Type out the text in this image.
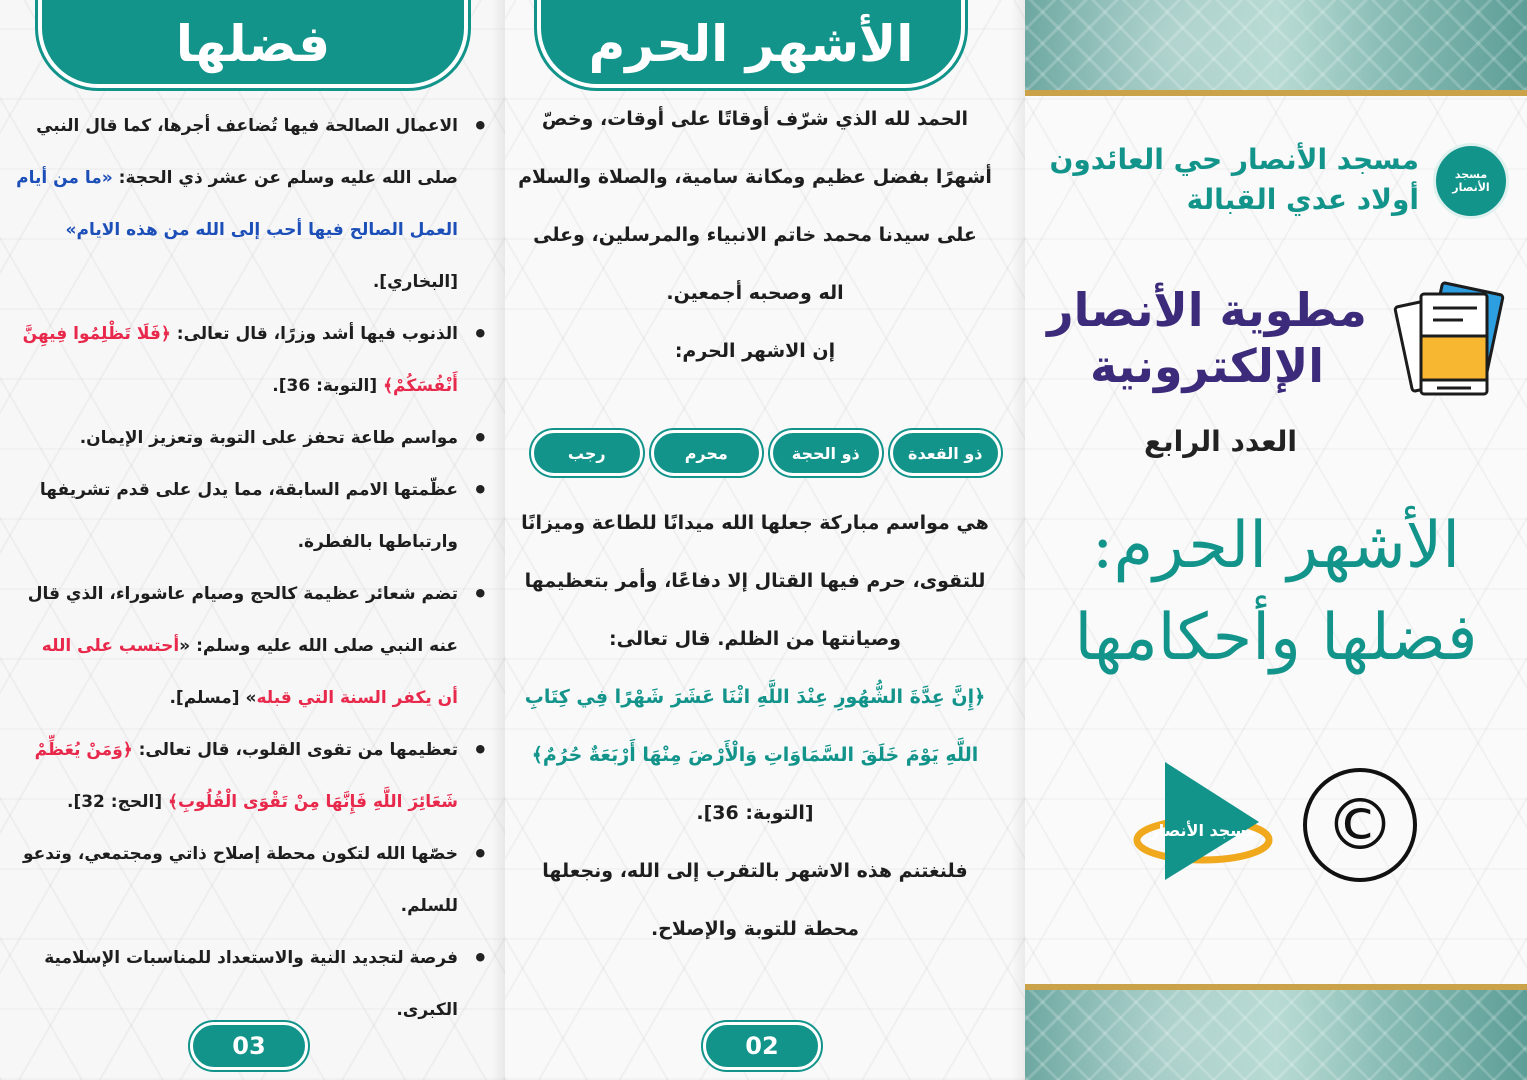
فضلها
• الاعمال الصالحة فيها تُضاعف أجرها، كما قال النبي صلى الله عليه وسلم عن عشر ذي الحجة: «ما من أيام العمل الصالح فيها أحب إلى الله من هذه الايام» [البخاري].
• الذنوب فيها أشد وزرًا، قال تعالى: ﴿فَلَا تَظْلِمُوا فِيهِنَّ أَنْفُسَكُمْ﴾ [التوبة: 36].
• مواسم طاعة تحفز على التوبة وتعزيز الإيمان.
• عظّمتها الامم السابقة، مما يدل على قدم تشريفها وارتباطها بالفطرة.
• تضم شعائر عظيمة كالحج وصيام عاشوراء، الذي قال عنه النبي صلى الله عليه وسلم: «أحتسب على الله أن يكفر السنة التي قبله» [مسلم].
• تعظيمها من تقوى القلوب، قال تعالى: ﴿وَمَنْ يُعَظِّمْ شَعَائِرَ اللَّهِ فَإِنَّهَا مِنْ تَقْوَى الْقُلُوبِ﴾ [الحج: 32].
• خصّها الله لتكون محطة إصلاح ذاتي ومجتمعي، وتدعو للسلم.
• فرصة لتجديد النية والاستعداد للمناسبات الإسلامية الكبرى.
03
الأشهر الحرم
الحمد لله الذي شرّف أوقاتًا على أوقات، وخصّ
أشهرًا بفضل عظيم ومكانة سامية، والصلاة والسلام
على سيدنا محمد خاتم الانبياء والمرسلين، وعلى
اله وصحبه أجمعين.
إن الاشهر الحرم:
ذو القعدة
ذو الحجة
محرم
رجب
هي مواسم مباركة جعلها الله ميدانًا للطاعة وميزانًا
للتقوى، حرم فيها القتال إلا دفاعًا، وأمر بتعظيمها
وصيانتها من الظلم. قال تعالى:
﴿إِنَّ عِدَّةَ الشُّهُورِ عِنْدَ اللَّهِ اثْنَا عَشَرَ شَهْرًا فِي كِتَابِ
اللَّهِ يَوْمَ خَلَقَ السَّمَاوَاتِ وَالْأَرْضَ مِنْهَا أَرْبَعَةٌ حُرُمٌ﴾
[التوبة: 36].
فلنغتنم هذه الاشهر بالتقرب إلى الله، ونجعلها
محطة للتوبة والإصلاح.
02
مسجد الأنصار
مسجد الأنصار حي العائدون
أولاد عدي القبالة
مطوية الأنصار
الإلكترونية
العدد الرابع
الأشهر الحرم:
فضلها وأحكامها
مسجد الأنصار ©
